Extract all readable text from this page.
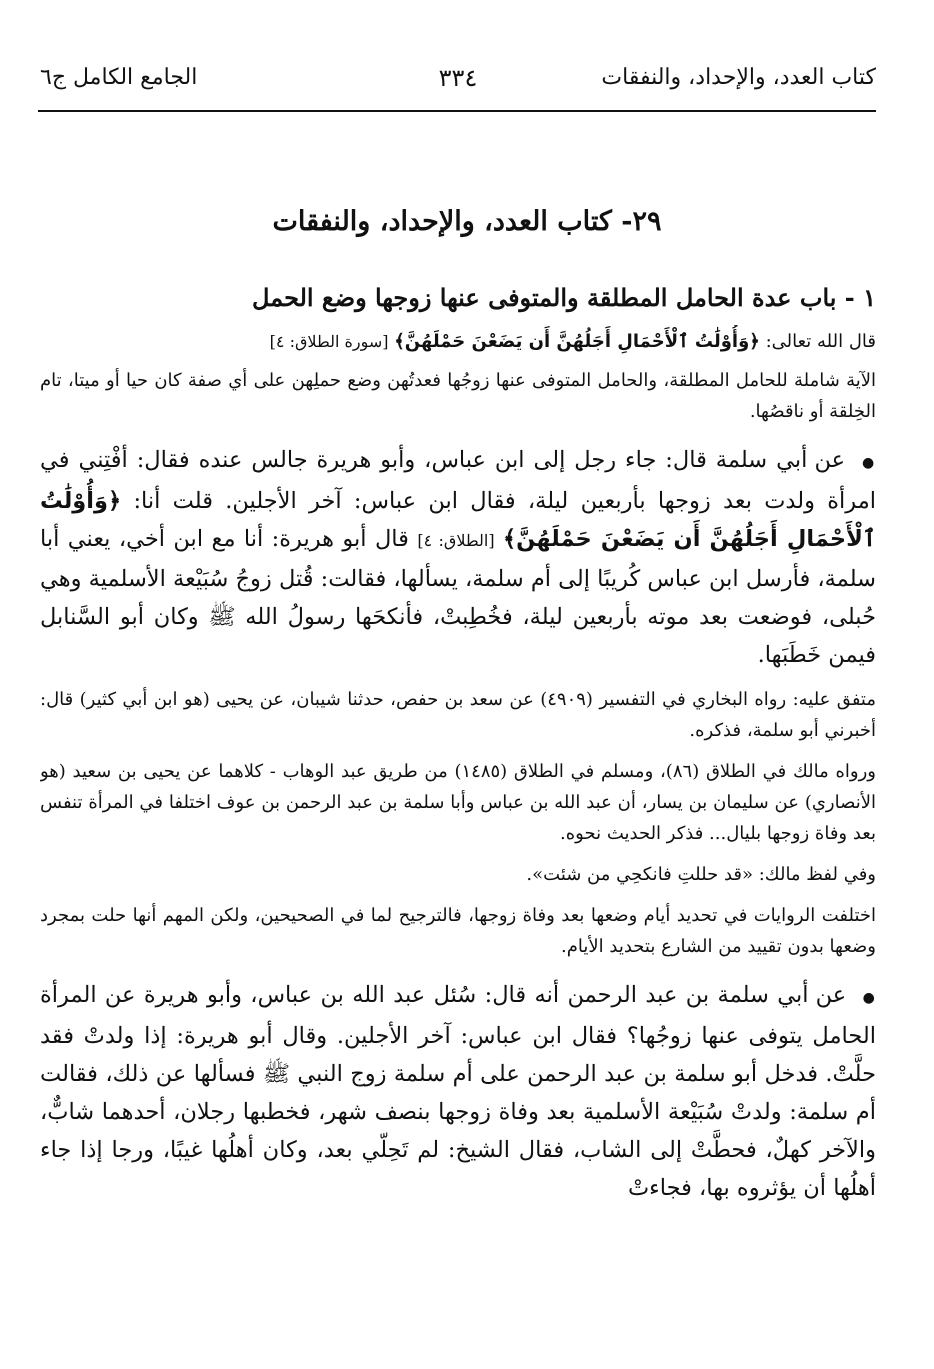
كتاب العدد، والإحداد، والنفقات
٣٣٤
الجامع الكامل ج٦
٢٩- كتاب العدد، والإحداد، والنفقات
١ - باب عدة الحامل المطلقة والمتوفى عنها زوجها وضع الحمل

قال الله تعالى: ﴿وَأُوْلَٰتُ ٱلْأَحْمَالِ أَجَلُهُنَّ أَن يَضَعْنَ حَمْلَهُنَّ﴾ [سورة الطلاق: ٤]

الآية شاملة للحامل المطلقة، والحامل المتوفى عنها زوجُها فعدتُهن وضع حملِهن على أي صفة كان حيا أو ميتا، تام الخِلقة أو ناقصُها.

● عن أبي سلمة قال: جاء رجل إلى ابن عباس، وأبو هريرة جالس عنده فقال: أفْتِني في امرأة ولدت بعد زوجها بأربعين ليلة، فقال ابن عباس: آخر الأجلين. قلت أنا: ﴿وَأُوْلَٰتُ ٱلْأَحْمَالِ أَجَلُهُنَّ أَن يَضَعْنَ حَمْلَهُنَّ﴾ [الطلاق: ٤] قال أبو هريرة: أنا مع ابن أخي، يعني أبا سلمة، فأرسل ابن عباس كُريبًا إلى أم سلمة، يسألها، فقالت: قُتل زوجُ سُبَيْعة الأسلمية وهي حُبلى، فوضعت بعد موته بأربعين ليلة، فخُطِبتْ، فأنكحَها رسولُ الله ﷺ وكان أبو السَّنابل فيمن خَطَبَها.

متفق عليه: رواه البخاري في التفسير (٤٩٠٩) عن سعد بن حفص، حدثنا شيبان، عن يحيى (هو ابن أبي كثير) قال: أخبرني أبو سلمة، فذكره.

ورواه مالك في الطلاق (٨٦)، ومسلم في الطلاق (١٤٨٥) من طريق عبد الوهاب - كلاهما عن يحيى بن سعيد (هو الأنصاري) عن سليمان بن يسار، أن عبد الله بن عباس وأبا سلمة بن عبد الرحمن بن عوف اختلفا في المرأة تنفس بعد وفاة زوجها بليال... فذكر الحديث نحوه.

وفي لفظ مالك: «قد حللتِ فانكحِي من شئت».

اختلفت الروايات في تحديد أيام وضعها بعد وفاة زوجها، فالترجيح لما في الصحيحين، ولكن المهم أنها حلت بمجرد وضعها بدون تقييد من الشارع بتحديد الأيام.

● عن أبي سلمة بن عبد الرحمن أنه قال: سُئل عبد الله بن عباس، وأبو هريرة عن المرأة الحامل يتوفى عنها زوجُها؟ فقال ابن عباس: آخر الأجلين. وقال أبو هريرة: إذا ولدتْ فقد حلَّتْ. فدخل أبو سلمة بن عبد الرحمن على أم سلمة زوج النبي ﷺ فسألها عن ذلك، فقالت أم سلمة: ولدتْ سُبَيْعة الأسلمية بعد وفاة زوجها بنصف شهر، فخطبها رجلان، أحدهما شابٌّ، والآخر كهلٌ، فحطَّتْ إلى الشاب، فقال الشيخ: لم تَحِلّي بعد، وكان أهلُها غيبًا، ورجا إذا جاء أهلُها أن يؤثروه بها، فجاءتْ
